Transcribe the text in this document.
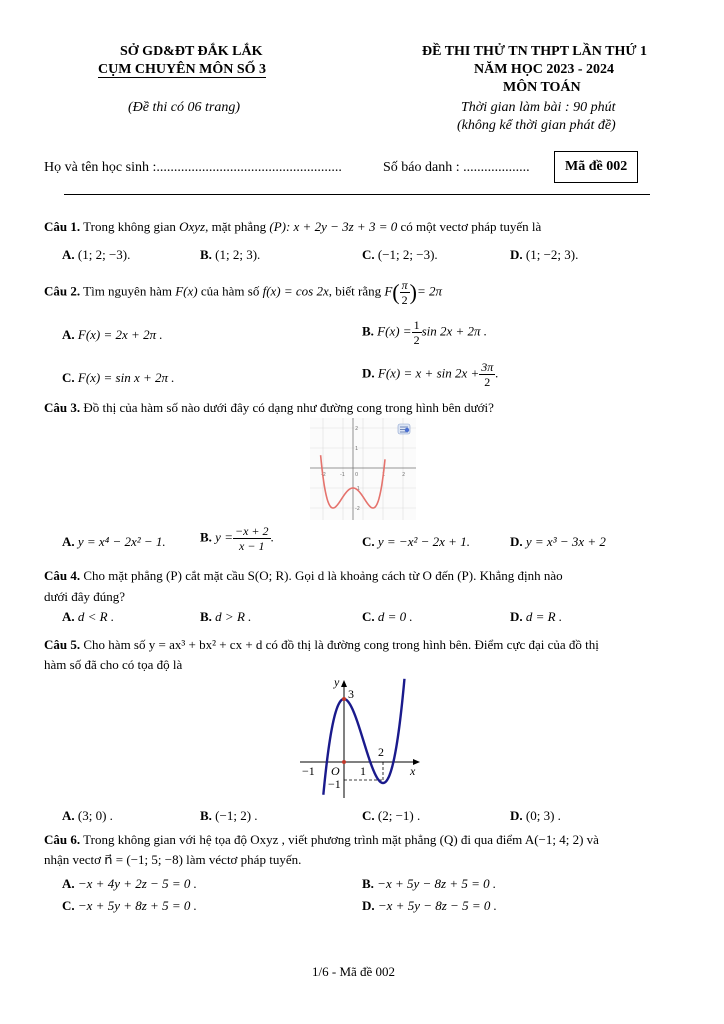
SỞ GD&ĐT ĐẮK LẮK
CỤM CHUYÊN MÔN SỐ 3
(Đề thi có 06 trang)
ĐỀ THI THỬ TN THPT LẦN THỨ 1
NĂM HỌC 2023 - 2024
MÔN TOÁN
Thời gian làm bài : 90 phút
(không kể thời gian phát đề)
Họ và tên học sinh :.....................................................	Số báo danh : ...................	Mã đề 002
Câu 1. Trong không gian Oxyz, mặt phẳng (P): x + 2y − 3z + 3 = 0 có một vectơ pháp tuyến là
A. (1; 2; −3).	B. (1; 2; 3).	C. (−1; 2; −3).	D. (1; −2; 3).
Câu 2. Tìm nguyên hàm F(x) của hàm số f(x) = cos 2x, biết rằng $F( \frac{\pi}{2}$ )= 2π
A. F(x) = 2x + 2π .	B. $F(x) = \frac{1}{2}$ sin 2x + 2π .
C. F(x) = sin x + 2π .	D. $F(x) = x + \sin 2x + \frac{3\pi}{2}$ .
Câu 3. Đồ thị của hàm số nào dưới đây có dạng như đường cong trong hình bên dưới?
-2	-1 0	1	2
2
1
-1
-2
A. y = x⁴ − 2x² − 1.	B. $y = \frac{-x + 2}{x - 1}$ .	C. y = −x² − 2x + 1.	D. y = x³ − 3x + 2
Câu 4. Cho mặt phẳng (P) cắt mặt cầu S(O; R). Gọi d là khoảng cách từ O đến (P). Khẳng định nào
dưới đây đúng?
A. d < R .	B. d > R .	C. d = 0 .	D. d = R .
Câu 5. Cho hàm số y = ax³ + bx² + cx + d có đồ thị là đường cong trong hình bên. Điểm cực đại của đồ thị
hàm số đã cho có tọa độ là
y
x
O
3
2
−1	1
−1
A. (3; 0) .	B. (−1; 2) .	C. (2; −1) .	D. (0; 3) .
Câu 6. Trong không gian với hệ tọa độ Oxyz , viết phương trình mặt phẳng (Q) đi qua điểm A(−1; 4; 2) và
nhận vectơ n⃗ = (−1; 5; −8) làm véctơ pháp tuyến.
A. −x + 4y + 2z − 5 = 0 .	B. −x + 5y − 8z + 5 = 0 .
C. −x + 5y + 8z + 5 = 0 .	D. −x + 5y − 8z − 5 = 0 .
1/6 - Mã đề 002
